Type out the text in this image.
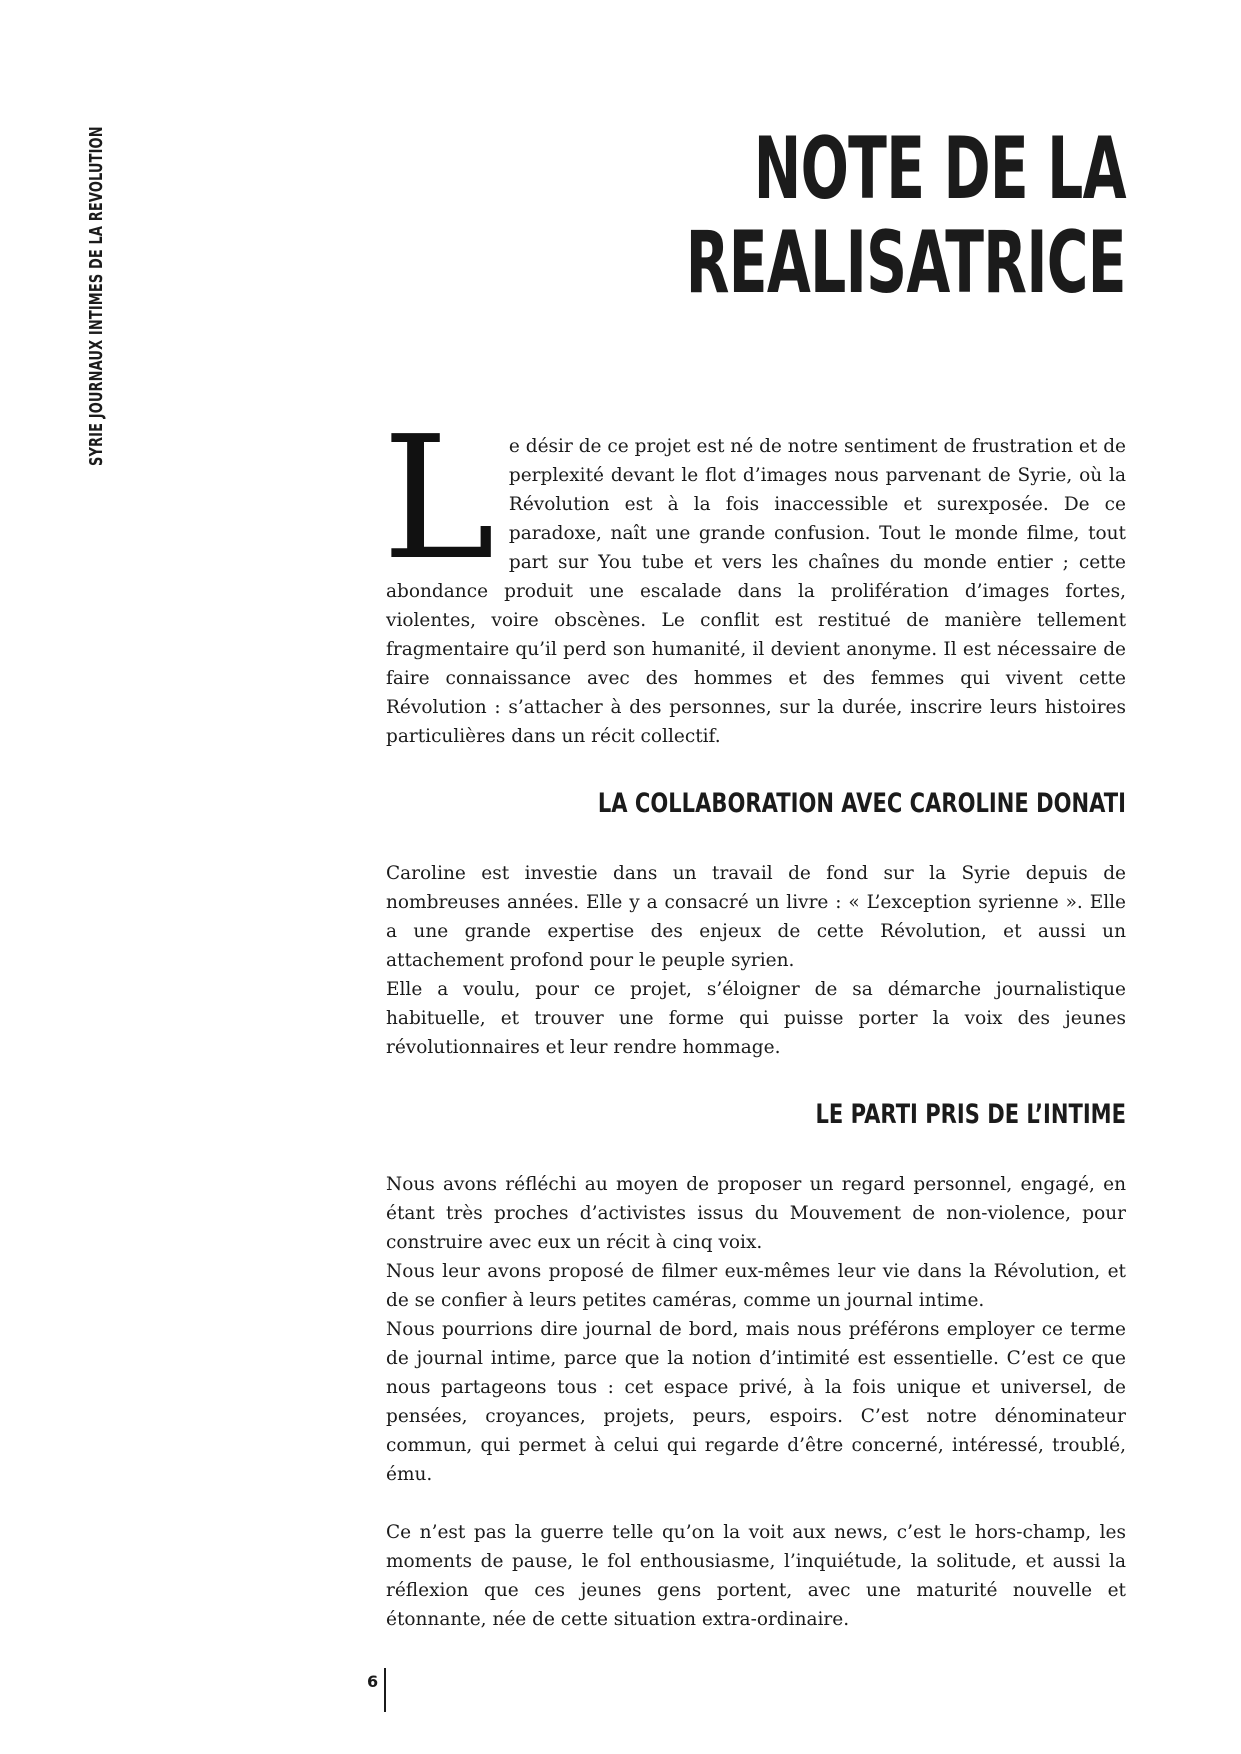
SYRIE JOURNAUX INTIMES DE LA REVOLUTION	NOTE DE LA
REALISATRICE

Le désir de ce projet est né de notre sentiment de frustration et de perplexité devant le flot d’images nous parvenant de Syrie, où la Révolution est à la fois inaccessible et surexposée. De ce paradoxe, naît une grande confusion. Tout le monde filme, tout part sur You tube et vers les chaînes du monde entier ; cette abondance produit une escalade dans la prolifération d’images fortes, violentes, voire obscènes. Le conflit est restitué de manière tellement fragmentaire qu’il perd son humanité, il devient anonyme. Il est nécessaire de faire connaissance avec des hommes et des femmes qui vivent cette Révolution : s’attacher à des personnes, sur la durée, inscrire leurs histoires particulières dans un récit collectif.

LA COLLABORATION AVEC CAROLINE DONATI

Caroline est investie dans un travail de fond sur la Syrie depuis de nombreuses années. Elle y a consacré un livre : « L’exception syrienne ». Elle a une grande expertise des enjeux de cette Révolution, et aussi un attachement profond pour le peuple syrien.

Elle a voulu, pour ce projet, s’éloigner de sa démarche journalistique habituelle, et trouver une forme qui puisse porter la voix des jeunes révolutionnaires et leur rendre hommage.

LE PARTI PRIS DE L’INTIME

Nous avons réfléchi au moyen de proposer un regard personnel, engagé, en étant très proches d’activistes issus du Mouvement de non-violence, pour construire avec eux un récit à cinq voix.

Nous leur avons proposé de filmer eux-mêmes leur vie dans la Révolution, et de se confier à leurs petites caméras, comme un journal intime.

Nous pourrions dire journal de bord, mais nous préférons employer ce terme de journal intime, parce que la notion d’intimité est essentielle. C’est ce que nous partageons tous : cet espace privé, à la fois unique et universel, de pensées, croyances, projets, peurs, espoirs. C’est notre dénominateur commun, qui permet à celui qui regarde d’être concerné, intéressé, troublé, ému.

Ce n’est pas la guerre telle qu’on la voit aux news, c’est le hors-champ, les moments de pause, le fol enthousiasme, l’inquiétude, la solitude, et aussi la réflexion que ces jeunes gens portent, avec une maturité nouvelle et étonnante, née de cette situation extra-ordinaire.

6
